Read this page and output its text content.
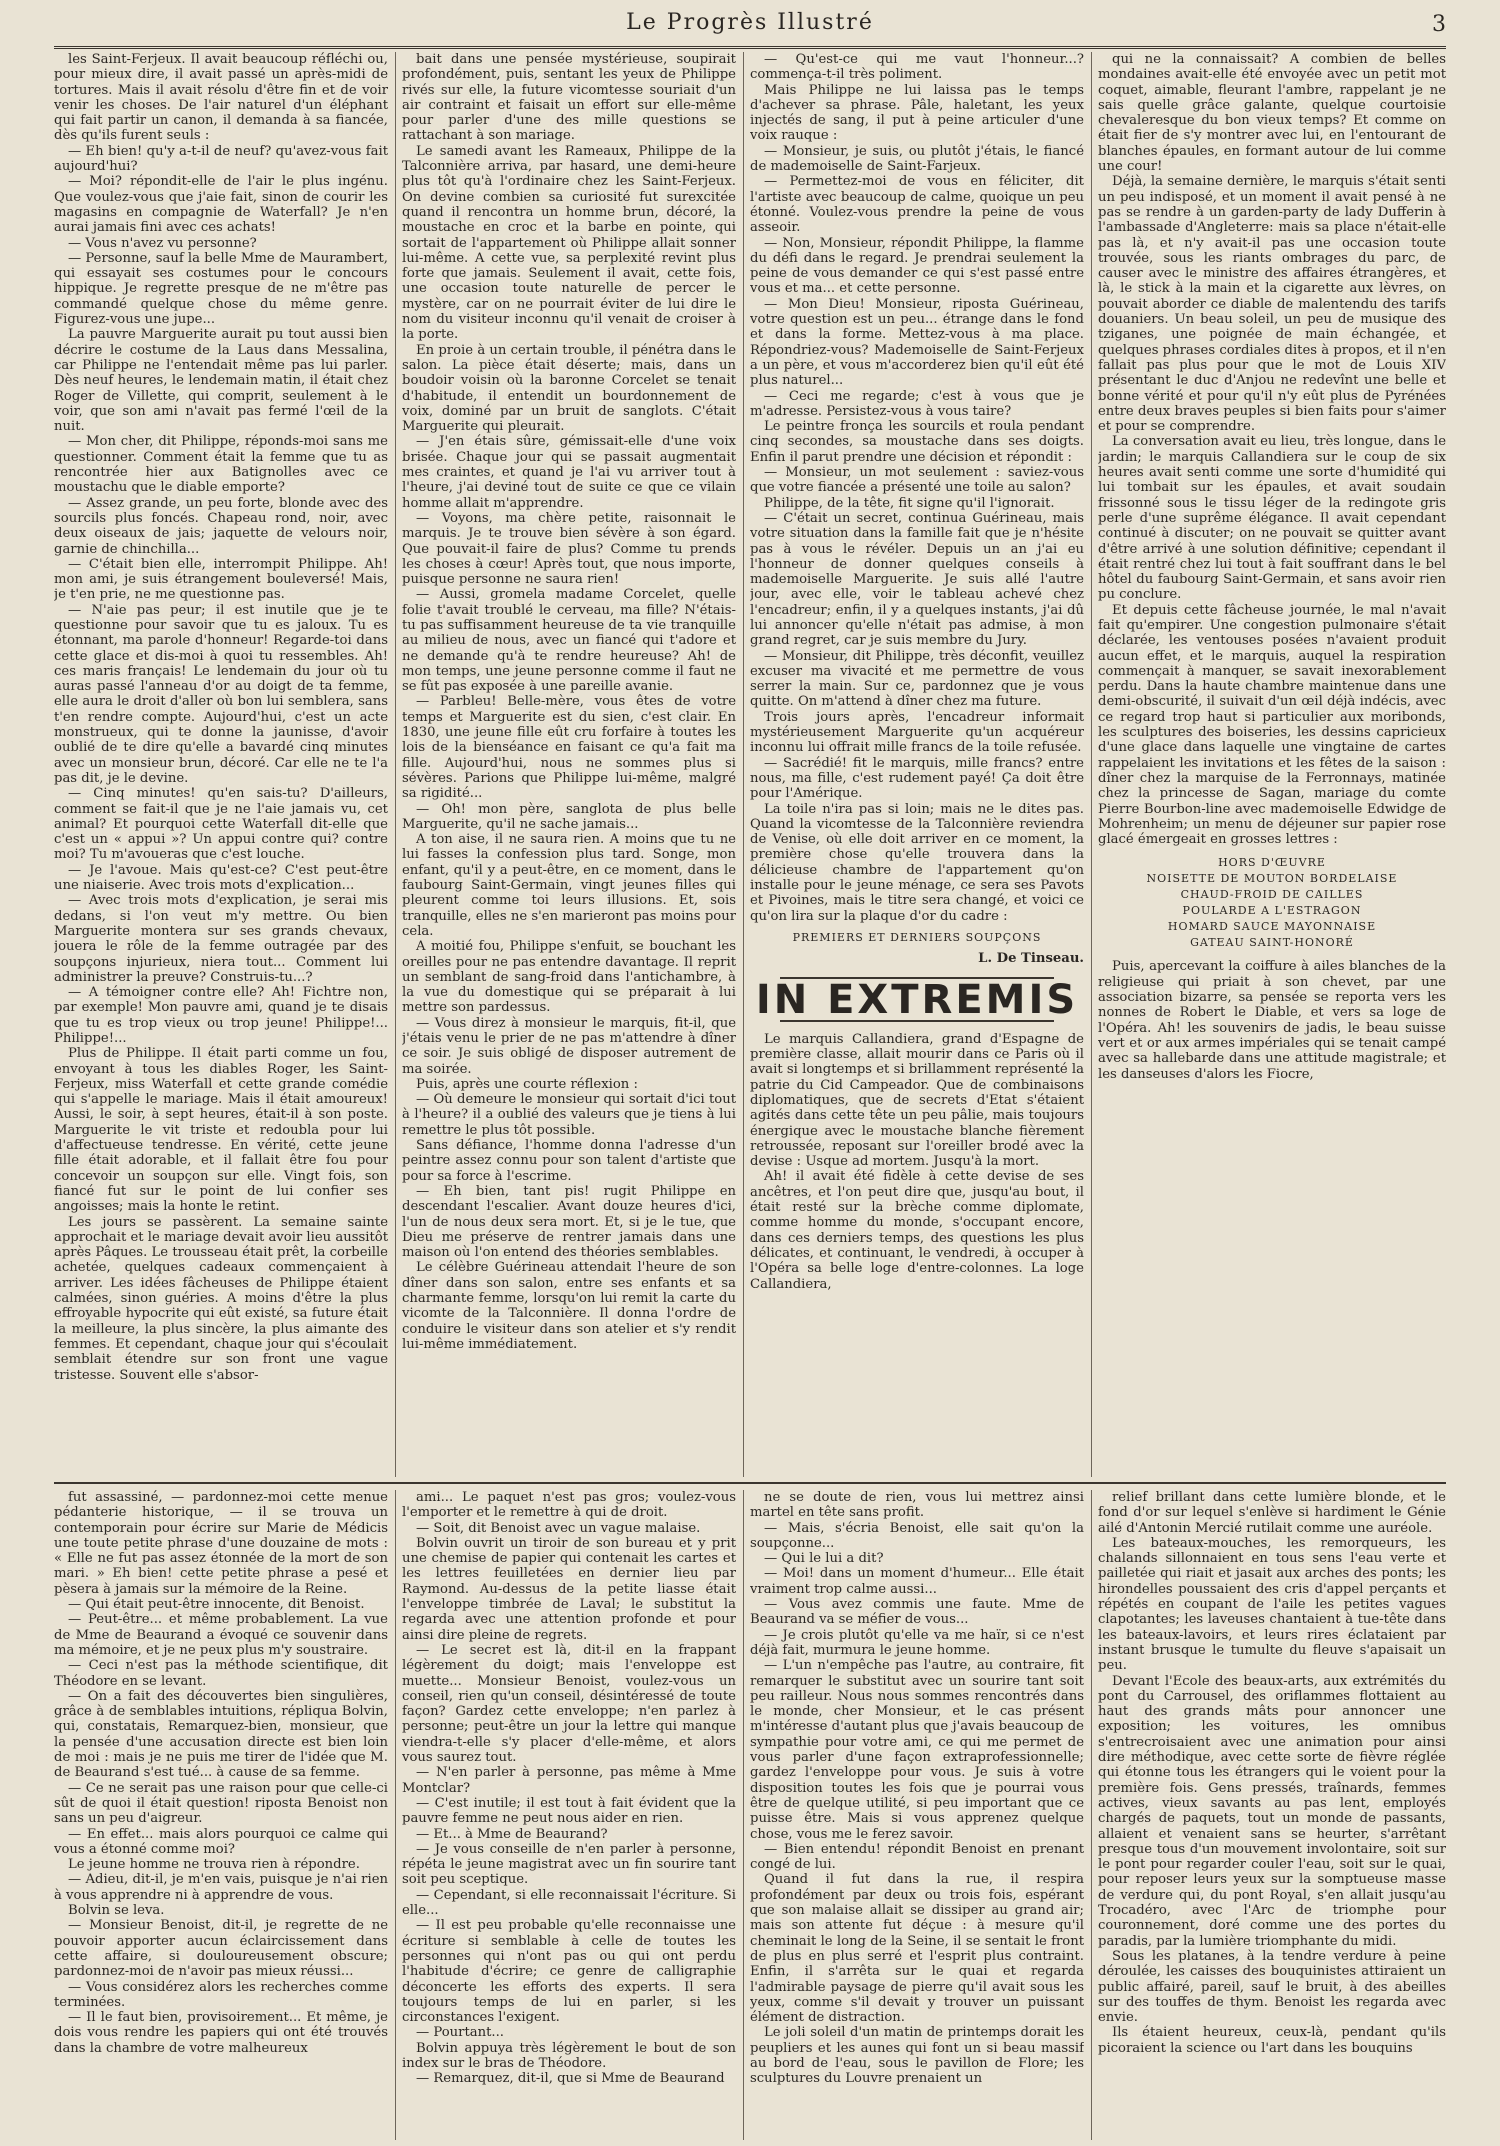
Le Progrès Illustré	3

les Saint-Ferjeux. Il avait beaucoup réfléchi ou, pour mieux dire, il avait passé un après-midi de tortures. Mais il avait résolu d'être fin et de voir venir les choses. De l'air naturel d'un éléphant qui fait partir un canon, il demanda à sa fiancée, dès qu'ils furent seuls :

— Eh bien! qu'y a-t-il de neuf? qu'avez-vous fait aujourd'hui?

— Moi? répondit-elle de l'air le plus ingénu. Que voulez-vous que j'aie fait, sinon de courir les magasins en compagnie de Waterfall? Je n'en aurai jamais fini avec ces achats!

— Vous n'avez vu personne?

— Personne, sauf la belle Mme de Maurambert, qui essayait ses costumes pour le concours hippique. Je regrette presque de ne m'être pas commandé quelque chose du même genre. Figurez-vous une jupe...

La pauvre Marguerite aurait pu tout aussi bien décrire le costume de la Laus dans Messalina, car Philippe ne l'entendait même pas lui parler. Dès neuf heures, le lendemain matin, il était chez Roger de Villette, qui comprit, seulement à le voir, que son ami n'avait pas fermé l'œil de la nuit.

— Mon cher, dit Philippe, réponds-moi sans me questionner. Comment était la femme que tu as rencontrée hier aux Batignolles avec ce moustachu que le diable emporte?

— Assez grande, un peu forte, blonde avec des sourcils plus foncés. Chapeau rond, noir, avec deux oiseaux de jais; jaquette de velours noir, garnie de chinchilla...

— C'était bien elle, interrompit Philippe. Ah! mon ami, je suis étrangement bouleversé! Mais, je t'en prie, ne me questionne pas.

— N'aie pas peur; il est inutile que je te questionne pour savoir que tu es jaloux. Tu es étonnant, ma parole d'honneur! Regarde-toi dans cette glace et dis-moi à quoi tu ressembles. Ah! ces maris français! Le lendemain du jour où tu auras passé l'anneau d'or au doigt de ta femme, elle aura le droit d'aller où bon lui semblera, sans t'en rendre compte. Aujourd'hui, c'est un acte monstrueux, qui te donne la jaunisse, d'avoir oublié de te dire qu'elle a bavardé cinq minutes avec un monsieur brun, décoré. Car elle ne te l'a pas dit, je le devine.

— Cinq minutes! qu'en sais-tu? D'ailleurs, comment se fait-il que je ne l'aie jamais vu, cet animal? Et pourquoi cette Waterfall dit-elle que c'est un « appui »? Un appui contre qui? contre moi? Tu m'avoueras que c'est louche.

— Je l'avoue. Mais qu'est-ce? C'est peut-être une niaiserie. Avec trois mots d'explication...

— Avec trois mots d'explication, je serai mis dedans, si l'on veut m'y mettre. Ou bien Marguerite montera sur ses grands chevaux, jouera le rôle de la femme outragée par des soupçons injurieux, niera tout... Comment lui administrer la preuve? Construis-tu...?

— A témoigner contre elle? Ah! Fichtre non, par exemple! Mon pauvre ami, quand je te disais que tu es trop vieux ou trop jeune! Philippe!... Philippe!...

Plus de Philippe. Il était parti comme un fou, envoyant à tous les diables Roger, les Saint-Ferjeux, miss Waterfall et cette grande comédie qui s'appelle le mariage. Mais il était amoureux! Aussi, le soir, à sept heures, était-il à son poste. Marguerite le vit triste et redoubla pour lui d'affectueuse tendresse. En vérité, cette jeune fille était adorable, et il fallait être fou pour concevoir un soupçon sur elle. Vingt fois, son fiancé fut sur le point de lui confier ses angoisses; mais la honte le retint.

Les jours se passèrent. La semaine sainte approchait et le mariage devait avoir lieu aussitôt après Pâques. Le trousseau était prêt, la corbeille achetée, quelques cadeaux commençaient à arriver. Les idées fâcheuses de Philippe étaient calmées, sinon guéries. A moins d'être la plus effroyable hypocrite qui eût existé, sa future était la meilleure, la plus sincère, la plus aimante des femmes. Et cependant, chaque jour qui s'écoulait semblait étendre sur son front une vague tristesse. Souvent elle s'absor-

bait dans une pensée mystérieuse, soupirait profondément, puis, sentant les yeux de Philippe rivés sur elle, la future vicomtesse souriait d'un air contraint et faisait un effort sur elle-même pour parler d'une des mille questions se rattachant à son mariage.

Le samedi avant les Rameaux, Philippe de la Talconnière arriva, par hasard, une demi-heure plus tôt qu'à l'ordinaire chez les Saint-Ferjeux. On devine combien sa curiosité fut surexcitée quand il rencontra un homme brun, décoré, la moustache en croc et la barbe en pointe, qui sortait de l'appartement où Philippe allait sonner lui-même. A cette vue, sa perplexité revint plus forte que jamais. Seulement il avait, cette fois, une occasion toute naturelle de percer le mystère, car on ne pourrait éviter de lui dire le nom du visiteur inconnu qu'il venait de croiser à la porte.

En proie à un certain trouble, il pénétra dans le salon. La pièce était déserte; mais, dans un boudoir voisin où la baronne Corcelet se tenait d'habitude, il entendit un bourdonnement de voix, dominé par un bruit de sanglots. C'était Marguerite qui pleurait.

— J'en étais sûre, gémissait-elle d'une voix brisée. Chaque jour qui se passait augmentait mes craintes, et quand je l'ai vu arriver tout à l'heure, j'ai deviné tout de suite ce que ce vilain homme allait m'apprendre.

— Voyons, ma chère petite, raisonnait le marquis. Je te trouve bien sévère à son égard. Que pouvait-il faire de plus? Comme tu prends les choses à cœur! Après tout, que nous importe, puisque personne ne saura rien!

— Aussi, gromela madame Corcelet, quelle folie t'avait troublé le cerveau, ma fille? N'étais-tu pas suffisamment heureuse de ta vie tranquille au milieu de nous, avec un fiancé qui t'adore et ne demande qu'à te rendre heureuse? Ah! de mon temps, une jeune personne comme il faut ne se fût pas exposée à une pareille avanie.

— Parbleu! Belle-mère, vous êtes de votre temps et Marguerite est du sien, c'est clair. En 1830, une jeune fille eût cru forfaire à toutes les lois de la bienséance en faisant ce qu'a fait ma fille. Aujourd'hui, nous ne sommes plus si sévères. Parions que Philippe lui-même, malgré sa rigidité...

— Oh! mon père, sanglota de plus belle Marguerite, qu'il ne sache jamais...

A ton aise, il ne saura rien. A moins que tu ne lui fasses la confession plus tard. Songe, mon enfant, qu'il y a peut-être, en ce moment, dans le faubourg Saint-Germain, vingt jeunes filles qui pleurent comme toi leurs illusions. Et, sois tranquille, elles ne s'en marieront pas moins pour cela.

A moitié fou, Philippe s'enfuit, se bouchant les oreilles pour ne pas entendre davantage. Il reprit un semblant de sang-froid dans l'antichambre, à la vue du domestique qui se préparait à lui mettre son pardessus.

— Vous direz à monsieur le marquis, fit-il, que j'étais venu le prier de ne pas m'attendre à dîner ce soir. Je suis obligé de disposer autrement de ma soirée.

Puis, après une courte réflexion :

— Où demeure le monsieur qui sortait d'ici tout à l'heure? il a oublié des valeurs que je tiens à lui remettre le plus tôt possible.

Sans défiance, l'homme donna l'adresse d'un peintre assez connu pour son talent d'artiste que pour sa force à l'escrime.

— Eh bien, tant pis! rugit Philippe en descendant l'escalier. Avant douze heures d'ici, l'un de nous deux sera mort. Et, si je le tue, que Dieu me préserve de rentrer jamais dans une maison où l'on entend des théories semblables.

Le célèbre Guérineau attendait l'heure de son dîner dans son salon, entre ses enfants et sa charmante femme, lorsqu'on lui remit la carte du vicomte de la Talconnière. Il donna l'ordre de conduire le visiteur dans son atelier et s'y rendit lui-même immédiatement.

— Qu'est-ce qui me vaut l'honneur...? commença-t-il très poliment.

Mais Philippe ne lui laissa pas le temps d'achever sa phrase. Pâle, haletant, les yeux injectés de sang, il put à peine articuler d'une voix rauque :

— Monsieur, je suis, ou plutôt j'étais, le fiancé de mademoiselle de Saint-Farjeux.

— Permettez-moi de vous en féliciter, dit l'artiste avec beaucoup de calme, quoique un peu étonné. Voulez-vous prendre la peine de vous asseoir.

— Non, Monsieur, répondit Philippe, la flamme du défi dans le regard. Je prendrai seulement la peine de vous demander ce qui s'est passé entre vous et ma... et cette personne.

— Mon Dieu! Monsieur, riposta Guérineau, votre question est un peu... étrange dans le fond et dans la forme. Mettez-vous à ma place. Répondriez-vous? Mademoiselle de Saint-Ferjeux a un père, et vous m'accorderez bien qu'il eût été plus naturel...

— Ceci me regarde; c'est à vous que je m'adresse. Persistez-vous à vous taire?

Le peintre fronça les sourcils et roula pendant cinq secondes, sa moustache dans ses doigts. Enfin il parut prendre une décision et répondit :

— Monsieur, un mot seulement : saviez-vous que votre fiancée a présenté une toile au salon?

Philippe, de la tête, fit signe qu'il l'ignorait.

— C'était un secret, continua Guérineau, mais votre situation dans la famille fait que je n'hésite pas à vous le révéler. Depuis un an j'ai eu l'honneur de donner quelques conseils à mademoiselle Marguerite. Je suis allé l'autre jour, avec elle, voir le tableau achevé chez l'encadreur; enfin, il y a quelques instants, j'ai dû lui annoncer qu'elle n'était pas admise, à mon grand regret, car je suis membre du Jury.

— Monsieur, dit Philippe, très déconfit, veuillez excuser ma vivacité et me permettre de vous serrer la main. Sur ce, pardonnez que je vous quitte. On m'attend à dîner chez ma future.

Trois jours après, l'encadreur informait mystérieusement Marguerite qu'un acquéreur inconnu lui offrait mille francs de la toile refusée.

— Sacrédié! fit le marquis, mille francs? entre nous, ma fille, c'est rudement payé! Ça doit être pour l'Amérique.

La toile n'ira pas si loin; mais ne le dites pas. Quand la vicomtesse de la Talconnière reviendra de Venise, où elle doit arriver en ce moment, la première chose qu'elle trouvera dans la délicieuse chambre de l'appartement qu'on installe pour le jeune ménage, ce sera ses Pavots et Pivoines, mais le titre sera changé, et voici ce qu'on lira sur la plaque d'or du cadre :

PREMIERS ET DERNIERS SOUPÇONS
L. De Tinseau.
IN EXTREMIS

Le marquis Callandiera, grand d'Espagne de première classe, allait mourir dans ce Paris où il avait si longtemps et si brillamment représenté la patrie du Cid Campeador. Que de combinaisons diplomatiques, que de secrets d'Etat s'étaient agités dans cette tête un peu pâlie, mais toujours énergique avec le moustache blanche fièrement retroussée, reposant sur l'oreiller brodé avec la devise : Usque ad mortem. Jusqu'à la mort.

Ah! il avait été fidèle à cette devise de ses ancêtres, et l'on peut dire que, jusqu'au bout, il était resté sur la brèche comme diplomate, comme homme du monde, s'occupant encore, dans ces derniers temps, des questions les plus délicates, et continuant, le vendredi, à occuper à l'Opéra sa belle loge d'entre-colonnes. La loge Callandiera,

qui ne la connaissait? A combien de belles mondaines avait-elle été envoyée avec un petit mot coquet, aimable, fleurant l'ambre, rappelant je ne sais quelle grâce galante, quelque courtoisie chevaleresque du bon vieux temps? Et comme on était fier de s'y montrer avec lui, en l'entourant de blanches épaules, en formant autour de lui comme une cour!

Déjà, la semaine dernière, le marquis s'était senti un peu indisposé, et un moment il avait pensé à ne pas se rendre à un garden-party de lady Dufferin à l'ambassade d'Angleterre: mais sa place n'était-elle pas là, et n'y avait-il pas une occasion toute trouvée, sous les riants ombrages du parc, de causer avec le ministre des affaires étrangères, et là, le stick à la main et la cigarette aux lèvres, on pouvait aborder ce diable de malentendu des tarifs douaniers. Un beau soleil, un peu de musique des tziganes, une poignée de main échangée, et quelques phrases cordiales dites à propos, et il n'en fallait pas plus pour que le mot de Louis XIV présentant le duc d'Anjou ne redevînt une belle et bonne vérité et pour qu'il n'y eût plus de Pyrénées entre deux braves peuples si bien faits pour s'aimer et pour se comprendre.

La conversation avait eu lieu, très longue, dans le jardin; le marquis Callandiera sur le coup de six heures avait senti comme une sorte d'humidité qui lui tombait sur les épaules, et avait soudain frissonné sous le tissu léger de la redingote gris perle d'une suprême élégance. Il avait cependant continué à discuter; on ne pouvait se quitter avant d'être arrivé à une solution définitive; cependant il était rentré chez lui tout à fait souffrant dans le bel hôtel du faubourg Saint-Germain, et sans avoir rien pu conclure.

Et depuis cette fâcheuse journée, le mal n'avait fait qu'empirer. Une congestion pulmonaire s'était déclarée, les ventouses posées n'avaient produit aucun effet, et le marquis, auquel la respiration commençait à manquer, se savait inexorablement perdu. Dans la haute chambre maintenue dans une demi-obscurité, il suivait d'un œil déjà indécis, avec ce regard trop haut si particulier aux moribonds, les sculptures des boiseries, les dessins capricieux d'une glace dans laquelle une vingtaine de cartes rappelaient les invitations et les fêtes de la saison : dîner chez la marquise de la Ferronnays, matinée chez la princesse de Sagan, mariage du comte Pierre Bourbon-line avec mademoiselle Edwidge de Mohrenheim; un menu de déjeuner sur papier rose glacé émergeait en grosses lettres :

HORS D'ŒUVRE
NOISETTE DE MOUTON BORDELAISE
CHAUD-FROID DE CAILLES
POULARDE A L'ESTRAGON
HOMARD SAUCE MAYONNAISE
GATEAU SAINT-HONORÉ

Puis, apercevant la coiffure à ailes blanches de la religieuse qui priait à son chevet, par une association bizarre, sa pensée se reporta vers les nonnes de Robert le Diable, et vers sa loge de l'Opéra. Ah! les souvenirs de jadis, le beau suisse vert et or aux armes impériales qui se tenait campé avec sa hallebarde dans une attitude magistrale; et les danseuses d'alors les Fiocre,

fut assassiné, — pardonnez-moi cette menue pédanterie historique, — il se trouva un contemporain pour écrire sur Marie de Médicis une toute petite phrase d'une douzaine de mots : « Elle ne fut pas assez étonnée de la mort de son mari. » Eh bien! cette petite phrase a pesé et pèsera à jamais sur la mémoire de la Reine.

— Qui était peut-être innocente, dit Benoist.

— Peut-être... et même probablement. La vue de Mme de Beaurand a évoqué ce souvenir dans ma mémoire, et je ne peux plus m'y soustraire.

— Ceci n'est pas la méthode scientifique, dit Théodore en se levant.

— On a fait des découvertes bien singulières, grâce à de semblables intuitions, répliqua Bolvin, qui, constatais, Remarquez-bien, monsieur, que la pensée d'une accusation directe est bien loin de moi : mais je ne puis me tirer de l'idée que M. de Beaurand s'est tué... à cause de sa femme.

— Ce ne serait pas une raison pour que celle-ci sût de quoi il était question! riposta Benoist non sans un peu d'aigreur.

— En effet... mais alors pourquoi ce calme qui vous a étonné comme moi?

Le jeune homme ne trouva rien à répondre.

— Adieu, dit-il, je m'en vais, puisque je n'ai rien à vous apprendre ni à apprendre de vous.

Bolvin se leva.

— Monsieur Benoist, dit-il, je regrette de ne pouvoir apporter aucun éclaircissement dans cette affaire, si douloureusement obscure; pardonnez-moi de n'avoir pas mieux réussi...

— Vous considérez alors les recherches comme terminées.

— Il le faut bien, provisoirement... Et même, je dois vous rendre les papiers qui ont été trouvés dans la chambre de votre malheureux

ami... Le paquet n'est pas gros; voulez-vous l'emporter et le remettre à qui de droit.

— Soit, dit Benoist avec un vague malaise.

Bolvin ouvrit un tiroir de son bureau et y prit une chemise de papier qui contenait les cartes et les lettres feuilletées en dernier lieu par Raymond. Au-dessus de la petite liasse était l'enveloppe timbrée de Laval; le substitut la regarda avec une attention profonde et pour ainsi dire pleine de regrets.

— Le secret est là, dit-il en la frappant légèrement du doigt; mais l'enveloppe est muette... Monsieur Benoist, voulez-vous un conseil, rien qu'un conseil, désintéressé de toute façon? Gardez cette enveloppe; n'en parlez à personne; peut-être un jour la lettre qui manque viendra-t-elle s'y placer d'elle-même, et alors vous saurez tout.

— N'en parler à personne, pas même à Mme Montclar?

— C'est inutile; il est tout à fait évident que la pauvre femme ne peut nous aider en rien.

— Et... à Mme de Beaurand?

— Je vous conseille de n'en parler à personne, répéta le jeune magistrat avec un fin sourire tant soit peu sceptique.

— Cependant, si elle reconnaissait l'écriture. Si elle...

— Il est peu probable qu'elle reconnaisse une écriture si semblable à celle de toutes les personnes qui n'ont pas ou qui ont perdu l'habitude d'écrire; ce genre de calligraphie déconcerte les efforts des experts. Il sera toujours temps de lui en parler, si les circonstances l'exigent.

— Pourtant...

Bolvin appuya très légèrement le bout de son index sur le bras de Théodore.

— Remarquez, dit-il, que si Mme de Beaurand

ne se doute de rien, vous lui mettrez ainsi martel en tête sans profit.

— Mais, s'écria Benoist, elle sait qu'on la soupçonne...

— Qui le lui a dit?

— Moi! dans un moment d'humeur... Elle était vraiment trop calme aussi...

— Vous avez commis une faute. Mme de Beaurand va se méfier de vous...

— Je crois plutôt qu'elle va me haïr, si ce n'est déjà fait, murmura le jeune homme.

— L'un n'empêche pas l'autre, au contraire, fit remarquer le substitut avec un sourire tant soit peu railleur. Nous nous sommes rencontrés dans le monde, cher Monsieur, et le cas présent m'intéresse d'autant plus que j'avais beaucoup de sympathie pour votre ami, ce qui me permet de vous parler d'une façon extraprofessionnelle; gardez l'enveloppe pour vous. Je suis à votre disposition toutes les fois que je pourrai vous être de quelque utilité, si peu important que ce puisse être. Mais si vous apprenez quelque chose, vous me le ferez savoir.

— Bien entendu! répondit Benoist en prenant congé de lui.

Quand il fut dans la rue, il respira profondément par deux ou trois fois, espérant que son malaise allait se dissiper au grand air; mais son attente fut déçue : à mesure qu'il cheminait le long de la Seine, il se sentait le front de plus en plus serré et l'esprit plus contraint. Enfin, il s'arrêta sur le quai et regarda l'admirable paysage de pierre qu'il avait sous les yeux, comme s'il devait y trouver un puissant élément de distraction.

Le joli soleil d'un matin de printemps dorait les peupliers et les aunes qui font un si beau massif au bord de l'eau, sous le pavillon de Flore; les sculptures du Louvre prenaient un

relief brillant dans cette lumière blonde, et le fond d'or sur lequel s'enlève si hardiment le Génie ailé d'Antonin Mercié rutilait comme une auréole.

Les bateaux-mouches, les remorqueurs, les chalands sillonnaient en tous sens l'eau verte et pailletée qui riait et jasait aux arches des ponts; les hirondelles poussaient des cris d'appel perçants et répétés en coupant de l'aile les petites vagues clapotantes; les laveuses chantaient à tue-tête dans les bateaux-lavoirs, et leurs rires éclataient par instant brusque le tumulte du fleuve s'apaisait un peu.

Devant l'Ecole des beaux-arts, aux extrémités du pont du Carrousel, des oriflammes flottaient au haut des grands mâts pour annoncer une exposition; les voitures, les omnibus s'entrecroisaient avec une animation pour ainsi dire méthodique, avec cette sorte de fièvre réglée qui étonne tous les étrangers qui le voient pour la première fois. Gens pressés, traînards, femmes actives, vieux savants au pas lent, employés chargés de paquets, tout un monde de passants, allaient et venaient sans se heurter, s'arrêtant presque tous d'un mouvement involontaire, soit sur le pont pour regarder couler l'eau, soit sur le quai, pour reposer leurs yeux sur la somptueuse masse de verdure qui, du pont Royal, s'en allait jusqu'au Trocadéro, avec l'Arc de triomphe pour couronnement, doré comme une des portes du paradis, par la lumière triomphante du midi.

Sous les platanes, à la tendre verdure à peine déroulée, les caisses des bouquinistes attiraient un public affairé, pareil, sauf le bruit, à des abeilles sur des touffes de thym. Benoist les regarda avec envie.

Ils étaient heureux, ceux-là, pendant qu'ils picoraient la science ou l'art dans les bouquins
